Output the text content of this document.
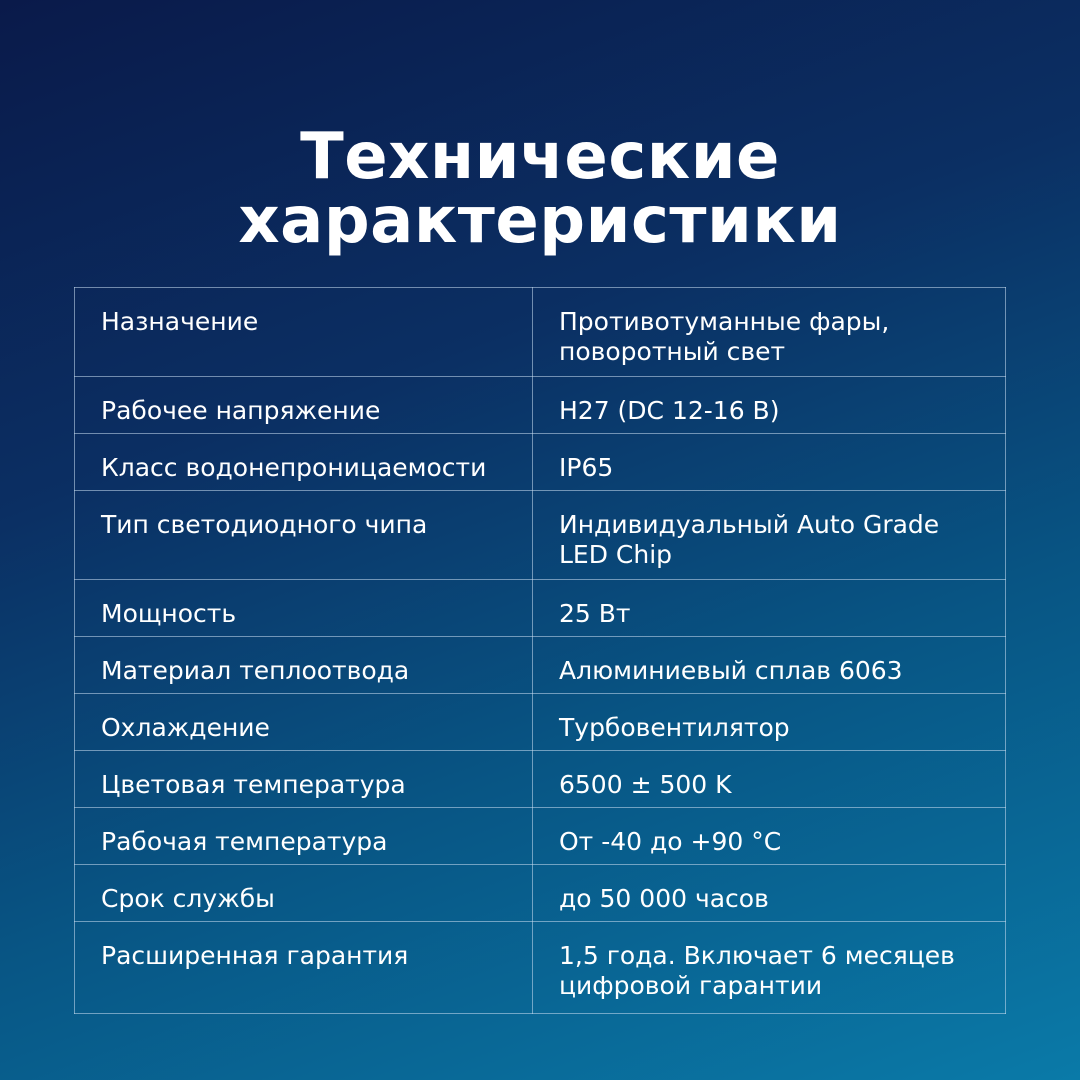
Технические
характеристики
Назначение	Противотуманные фары, поворотный свет
Рабочее напряжение	H27 (DC 12-16 В)
Класс водонепроницаемости	IP65
Тип светодиодного чипа	Индивидуальный Auto Grade LED Chip
Мощность	25 Вт
Материал теплоотвода	Алюминиевый сплав 6063
Охлаждение	Турбовентилятор
Цветовая температура	6500 ± 500 K
Рабочая температура	От -40 до +90 °C
Срок службы	до 50 000 часов
Расширенная гарантия	1,5 года. Включает 6 месяцев цифровой гарантии
